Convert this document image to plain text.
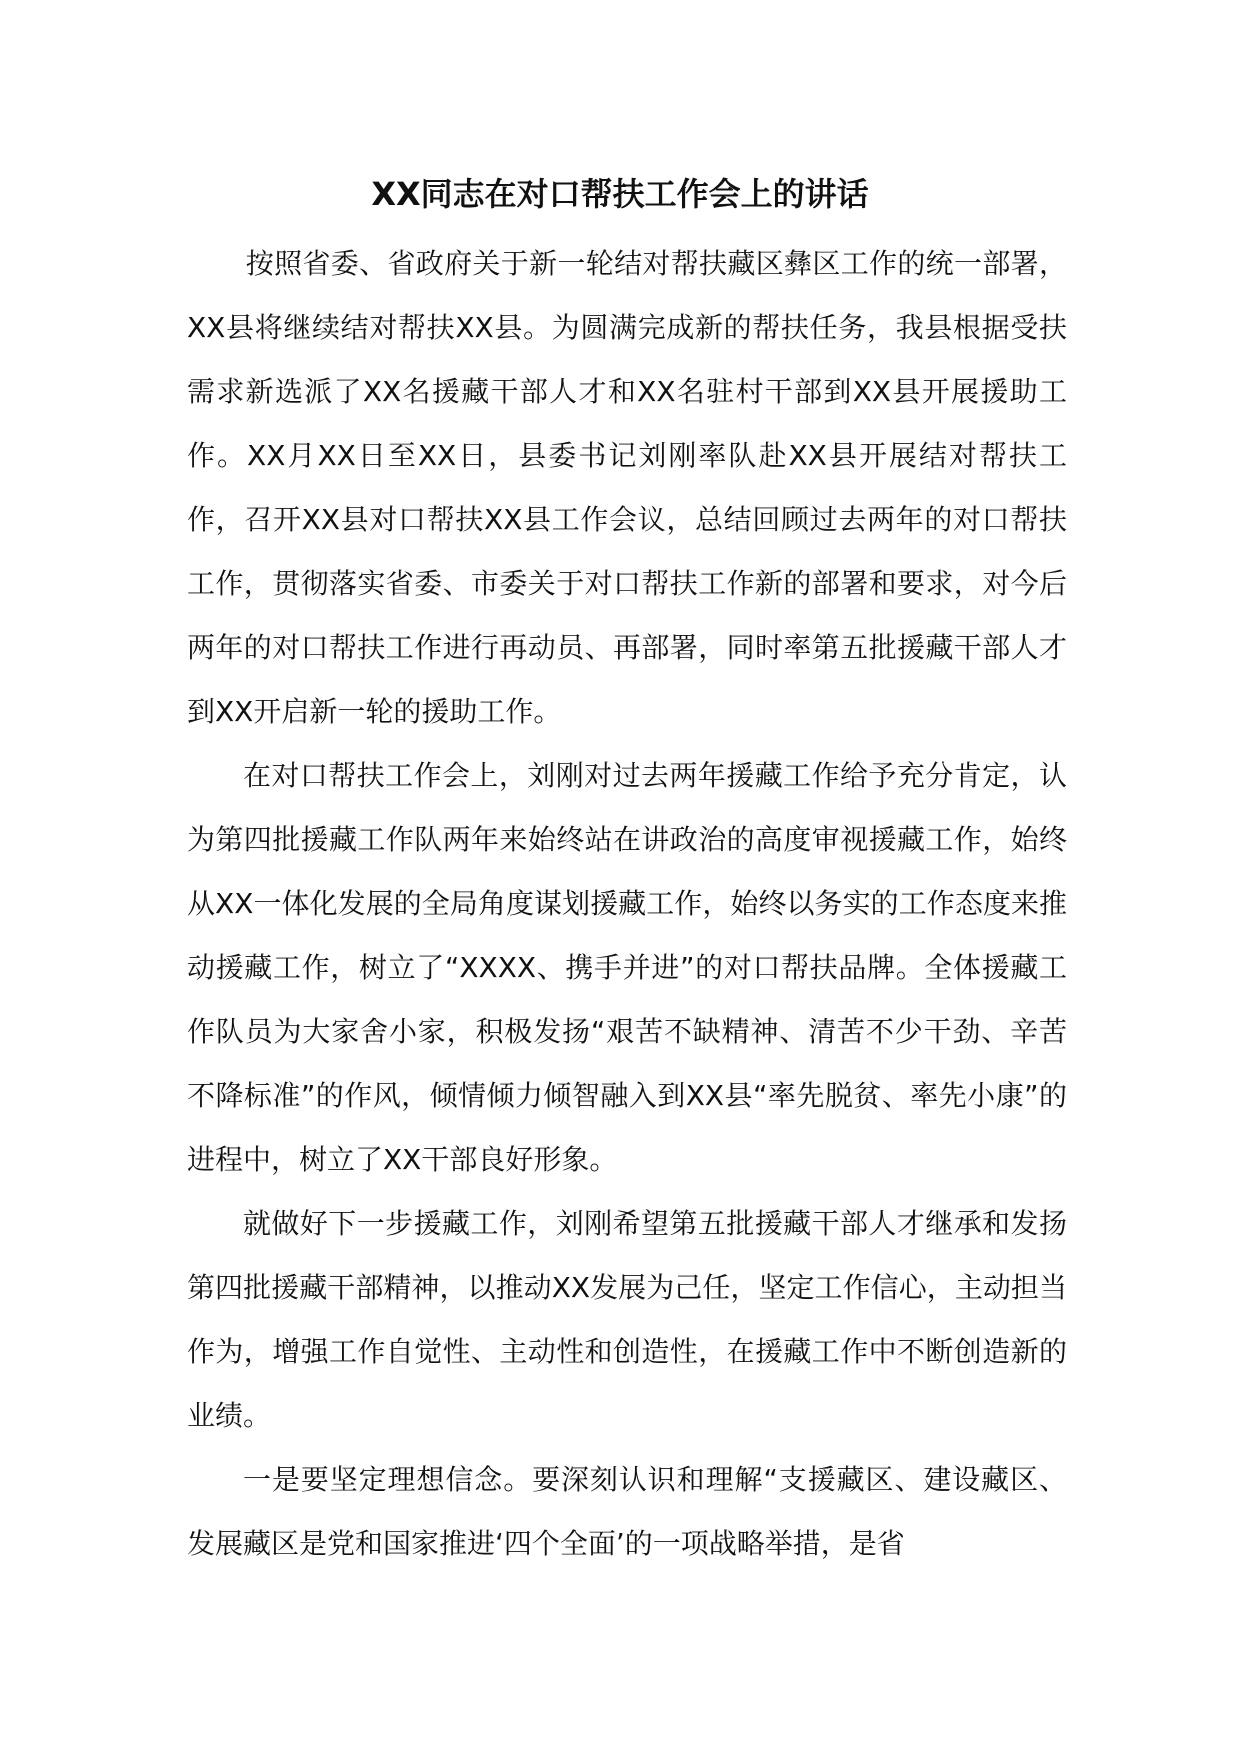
XX同志在对口帮扶工作会上的讲话

按照省委、省政府关于新一轮结对帮扶藏区彝区工作的统一部署，XX县将继续结对帮扶XX县。为圆满完成新的帮扶任务，我县根据受扶需求新选派了XX名援藏干部人才和XX名驻村干部到XX县开展援助工作。XX月XX日至XX日，县委书记刘刚率队赴XX县开展结对帮扶工作，召开XX县对口帮扶XX县工作会议，总结回顾过去两年的对口帮扶工作，贯彻落实省委、市委关于对口帮扶工作新的部署和要求，对今后两年的对口帮扶工作进行再动员、再部署，同时率第五批援藏干部人才到XX开启新一轮的援助工作。

在对口帮扶工作会上，刘刚对过去两年援藏工作给予充分肯定，认为第四批援藏工作队两年来始终站在讲政治的高度审视援藏工作，始终从XX一体化发展的全局角度谋划援藏工作，始终以务实的工作态度来推动援藏工作，树立了“XXXX、携手并进”的对口帮扶品牌。全体援藏工作队员为大家舍小家，积极发扬“艰苦不缺精神、清苦不少干劲、辛苦不降标准”的作风，倾情倾力倾智融入到XX县“率先脱贫、率先小康”的进程中，树立了XX干部良好形象。

就做好下一步援藏工作，刘刚希望第五批援藏干部人才继承和发扬第四批援藏干部精神，以推动XX发展为己任，坚定工作信心，主动担当作为，增强工作自觉性、主动性和创造性，在援藏工作中不断创造新的业绩。

一是要坚定理想信念。要深刻认识和理解“支援藏区、建设藏区、发展藏区是党和国家推进‘四个全面’的一项战略举措，是省
